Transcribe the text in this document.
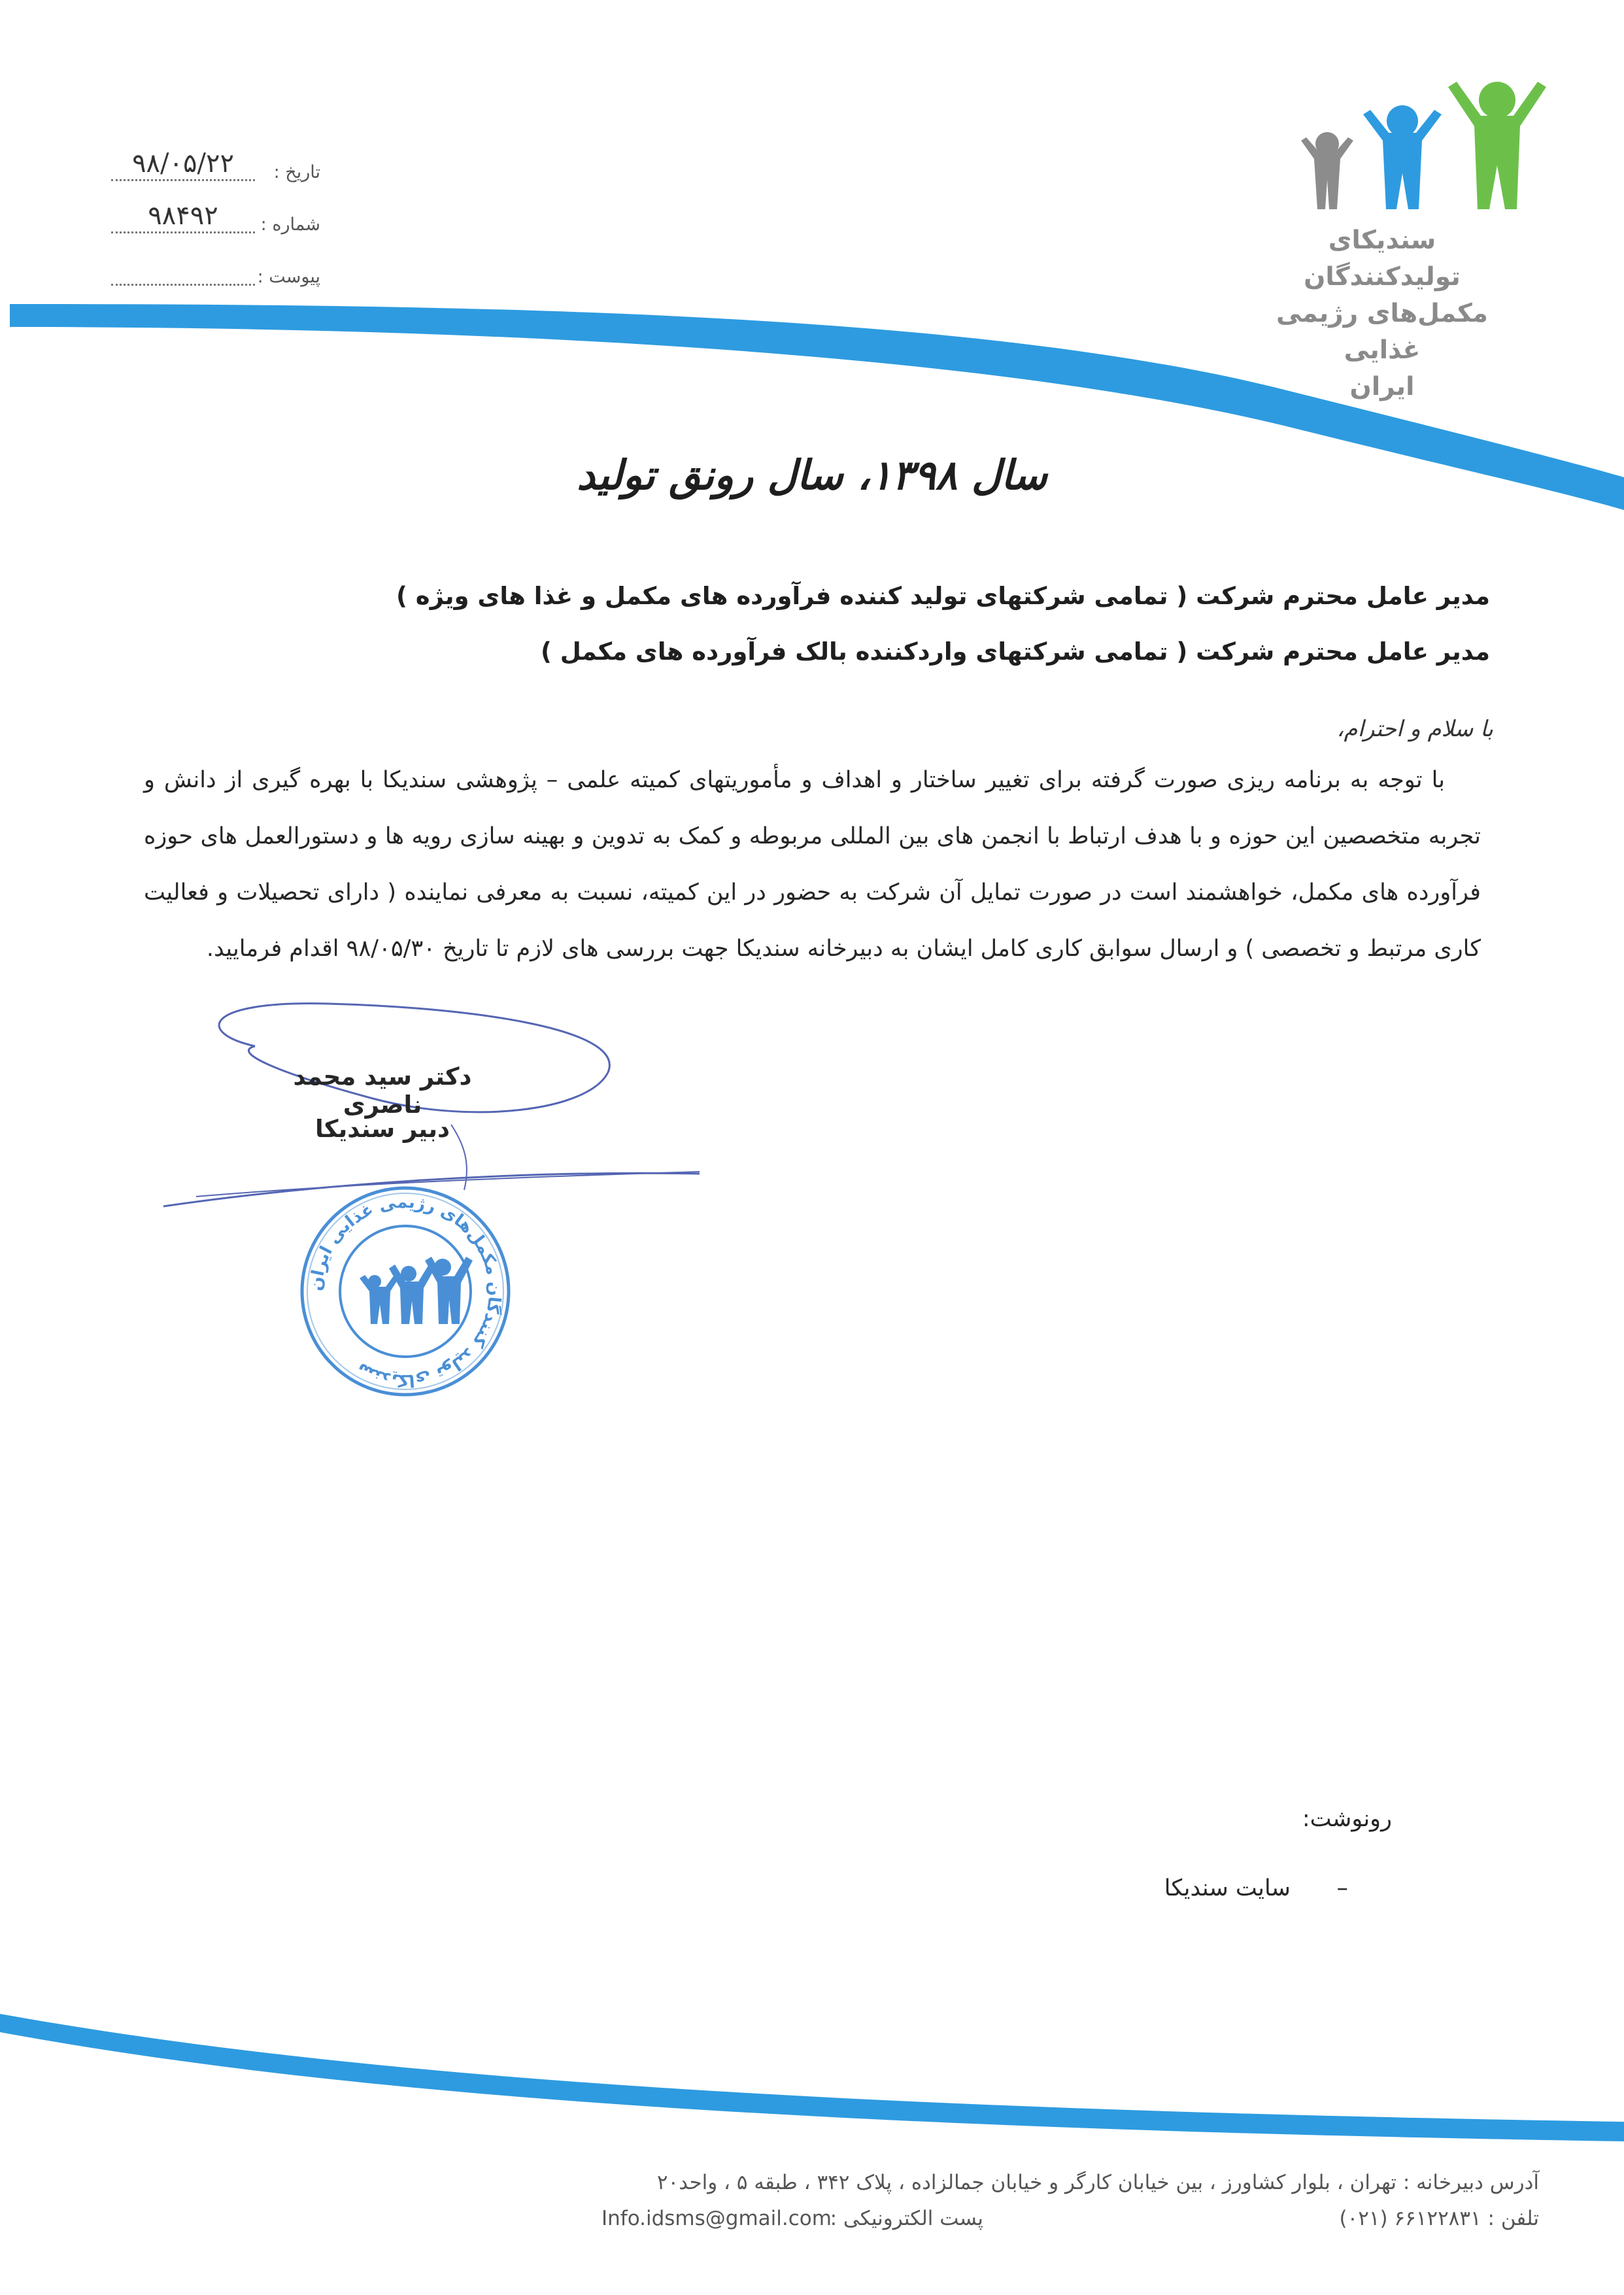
۹۸/۰۵/۲۲	تاریخ :
۹۸۴۹۲	شماره :
پیوست :
سندیکای تولیدکنندگان
مکمل‌های رژیمی غذایی
ایران
سال ۱۳۹۸، سال رونق تولید
مدیر عامل محترم شرکت ( تمامی شرکتهای تولید کننده فرآورده های مکمل و غذا های ویژه )
مدیر عامل محترم شرکت ( تمامی شرکتهای واردکننده بالک فرآورده های مکمل )
با سلام و احترام،
با توجه به برنامه ریزی صورت گرفته برای تغییر ساختار و اهداف و مأموریتهای کمیته علمی – پژوهشی سندیکا با بهره گیری از دانش و تجربه متخصصین این حوزه و با هدف ارتباط با انجمن های بین المللی مربوطه و کمک به تدوین و بهینه سازی رویه ها و دستورالعمل های حوزه فرآورده های مکمل، خواهشمند است در صورت تمایل آن شرکت به حضور در این کمیته، نسبت به معرفی نماینده ( دارای تحصیلات و فعالیت کاری مرتبط و تخصصی ) و ارسال سوابق کاری کامل ایشان به دبیرخانه سندیکا جهت بررسی های لازم تا تاریخ ۹۸/۰۵/۳۰ اقدام فرمایید.
دکتر سید محمد ناصری
دبیر سندیکا
سندیکای تولید کنندگان مکمل‌های رژیمی غذایی ایران
رونوشت:
–
سایت سندیکا
آدرس دبیرخانه : تهران ، بلوار کشاورز ، بین خیابان کارگر و خیابان جمالزاده ، پلاک ۳۴۲ ، طبقه ۵ ، واحد۲۰
تلفن : ۶۶۱۲۲۸۳۱ (۰۲۱)
پست الکترونیکی :
Info.idsms@gmail.com
